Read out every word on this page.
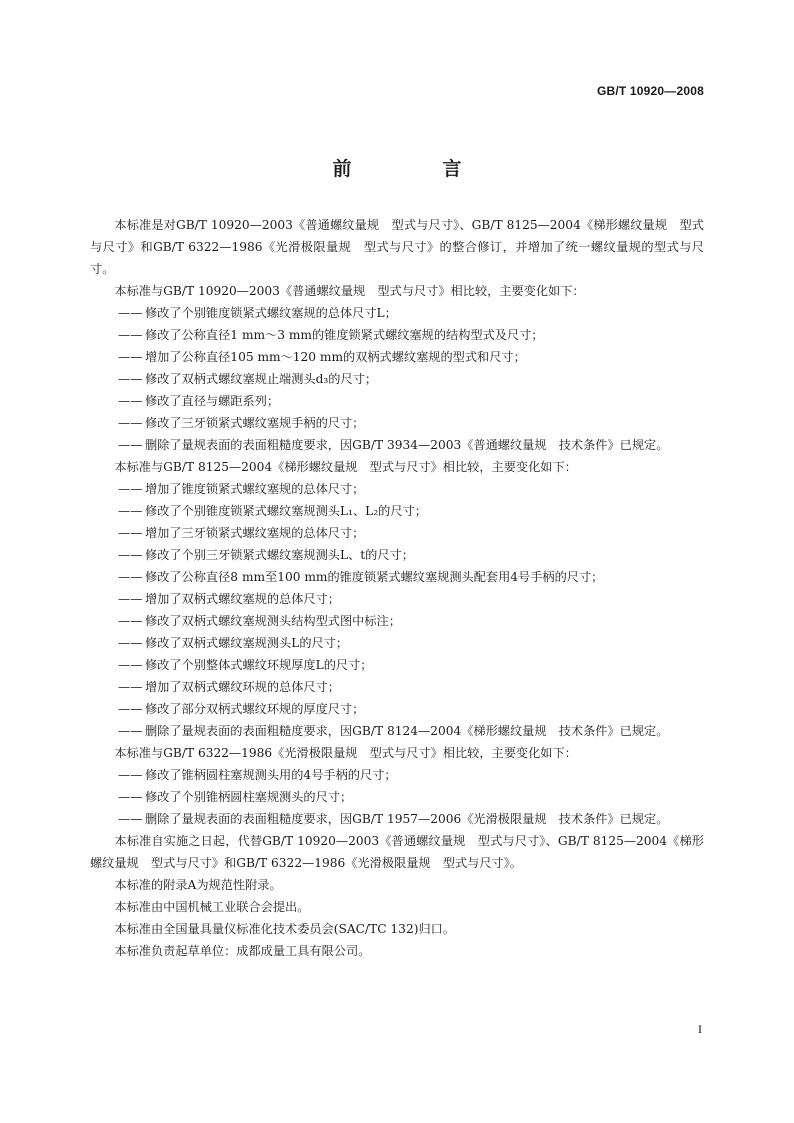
GB/T 10920—2008
前　言

本标准是对GB/T 10920—2003《普通螺纹量规　型式与尺寸》、GB/T 8125—2004《梯形螺纹量规　型式与尺寸》和GB/T 6322—1986《光滑极限量规　型式与尺寸》的整合修订，并增加了统一螺纹量规的型式与尺寸。

本标准与GB/T 10920—2003《普通螺纹量规　型式与尺寸》相比较，主要变化如下：

—— 修改了个别锥度锁紧式螺纹塞规的总体尺寸L；

—— 修改了公称直径1 mm～3 mm的锥度锁紧式螺纹塞规的结构型式及尺寸；

—— 增加了公称直径105 mm～120 mm的双柄式螺纹塞规的型式和尺寸；

—— 修改了双柄式螺纹塞规止端测头d₃的尺寸；

—— 修改了直径与螺距系列；

—— 修改了三牙锁紧式螺纹塞规手柄的尺寸；

—— 删除了量规表面的表面粗糙度要求，因GB/T 3934—2003《普通螺纹量规　技术条件》已规定。

本标准与GB/T 8125—2004《梯形螺纹量规　型式与尺寸》相比较，主要变化如下：

—— 增加了锥度锁紧式螺纹塞规的总体尺寸；

—— 修改了个别锥度锁紧式螺纹塞规测头L₁、L₂的尺寸；

—— 增加了三牙锁紧式螺纹塞规的总体尺寸；

—— 修改了个别三牙锁紧式螺纹塞规测头L、t的尺寸；

—— 修改了公称直径8 mm至100 mm的锥度锁紧式螺纹塞规测头配套用4号手柄的尺寸；

—— 增加了双柄式螺纹塞规的总体尺寸；

—— 修改了双柄式螺纹塞规测头结构型式图中标注；

—— 修改了双柄式螺纹塞规测头L的尺寸；

—— 修改了个别整体式螺纹环规厚度L的尺寸；

—— 增加了双柄式螺纹环规的总体尺寸；

—— 修改了部分双柄式螺纹环规的厚度尺寸；

—— 删除了量规表面的表面粗糙度要求，因GB/T 8124—2004《梯形螺纹量规　技术条件》已规定。

本标准与GB/T 6322—1986《光滑极限量规　型式与尺寸》相比较，主要变化如下：

—— 修改了锥柄圆柱塞规测头用的4号手柄的尺寸；

—— 修改了个别锥柄圆柱塞规测头的尺寸；

—— 删除了量规表面的表面粗糙度要求，因GB/T 1957—2006《光滑极限量规　技术条件》已规定。

本标准自实施之日起，代替GB/T 10920—2003《普通螺纹量规　型式与尺寸》、GB/T 8125—2004《梯形螺纹量规　型式与尺寸》和GB/T 6322—1986《光滑极限量规　型式与尺寸》。

本标准的附录A为规范性附录。

本标准由中国机械工业联合会提出。

本标准由全国量具量仪标准化技术委员会(SAC/TC 132)归口。

本标准负责起草单位：成都成量工具有限公司。

I
